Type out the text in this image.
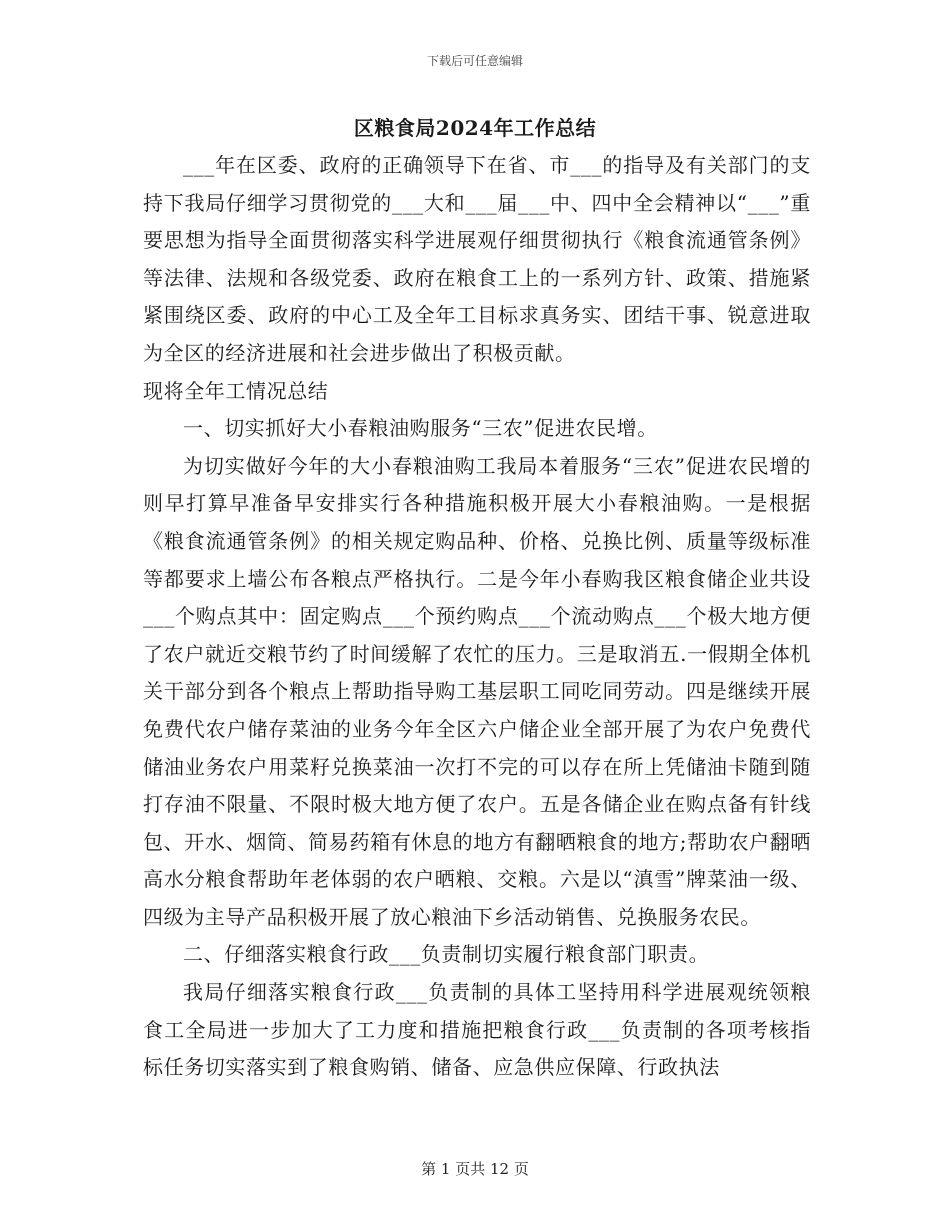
下载后可任意编辑
区粮食局2024年工作总结

___年在区委、政府的正确领导下在省、市___的指导及有关部门的支持下我局仔细学习贯彻党的___大和___届___中、四中全会精神以“___”重要思想为指导全面贯彻落实科学进展观仔细贯彻执行《粮食流通管条例》等法律、法规和各级党委、政府在粮食工上的一系列方针、政策、措施紧紧围绕区委、政府的中心工及全年工目标求真务实、团结干事、锐意进取为全区的经济进展和社会进步做出了积极贡献。

现将全年工情况总结

一、切实抓好大小春粮油购服务“三农”促进农民增。

为切实做好今年的大小春粮油购工我局本着服务“三农”促进农民增的则早打算早准备早安排实行各种措施积极开展大小春粮油购。一是根据《粮食流通管条例》的相关规定购品种、价格、兑换比例、质量等级标准等都要求上墙公布各粮点严格执行。二是今年小春购我区粮食储企业共设___个购点其中：固定购点___个预约购点___个流动购点___个极大地方便了农户就近交粮节约了时间缓解了农忙的压力。三是取消五.一假期全体机关干部分到各个粮点上帮助指导购工基层职工同吃同劳动。四是继续开展免费代农户储存菜油的业务今年全区六户储企业全部开展了为农户免费代储油业务农户用菜籽兑换菜油一次打不完的可以存在所上凭储油卡随到随打存油不限量、不限时极大地方便了农户。五是各储企业在购点备有针线包、开水、烟筒、简易药箱有休息的地方有翻晒粮食的地方;帮助农户翻晒高水分粮食帮助年老体弱的农户晒粮、交粮。六是以“滇雪”牌菜油一级、四级为主导产品积极开展了放心粮油下乡活动销售、兑换服务农民。

二、仔细落实粮食行政___负责制切实履行粮食部门职责。

我局仔细落实粮食行政___负责制的具体工坚持用科学进展观统领粮食工全局进一步加大了工力度和措施把粮食行政___负责制的各项考核指标任务切实落实到了粮食购销、储备、应急供应保障、行政执法

第 1 页共 12 页
